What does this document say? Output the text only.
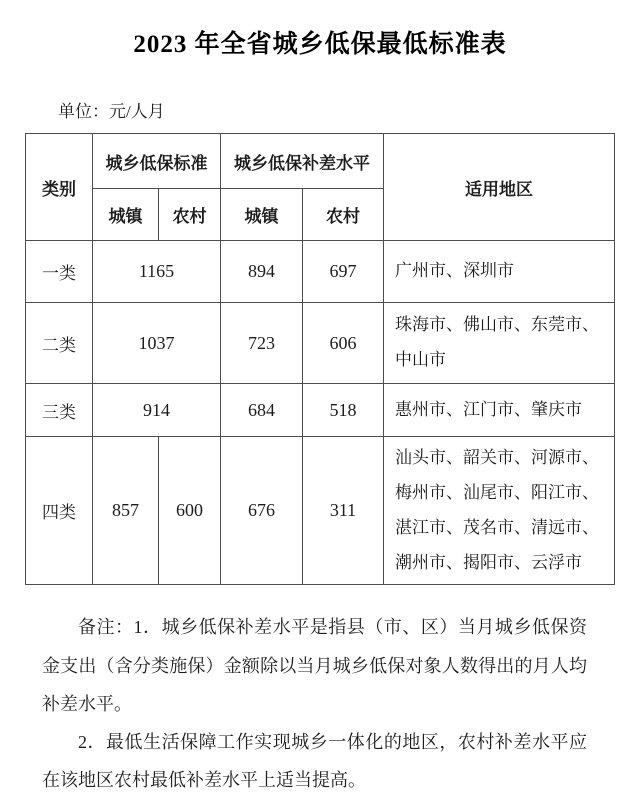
2023 年全省城乡低保最低标准表
单位：元/人月
类别	城乡低保标准		城乡低保补差水平		适用地区
	城镇	农村	城镇	农村	
一类	1165		894	697	广州市、深圳市
二类	1037		723	606	珠海市、佛山市、东莞市、中山市
三类	914		684	518	惠州市、江门市、肇庆市
四类	857	600	676	311	汕头市、韶关市、河源市、梅州市、汕尾市、阳江市、湛江市、茂名市、清远市、潮州市、揭阳市、云浮市

备注：1．城乡低保补差水平是指县（市、区）当月城乡低保资金支出（含分类施保）金额除以当月城乡低保对象人数得出的月人均补差水平。

2．最低生活保障工作实现城乡一体化的地区，农村补差水平应在该地区农村最低补差水平上适当提高。
